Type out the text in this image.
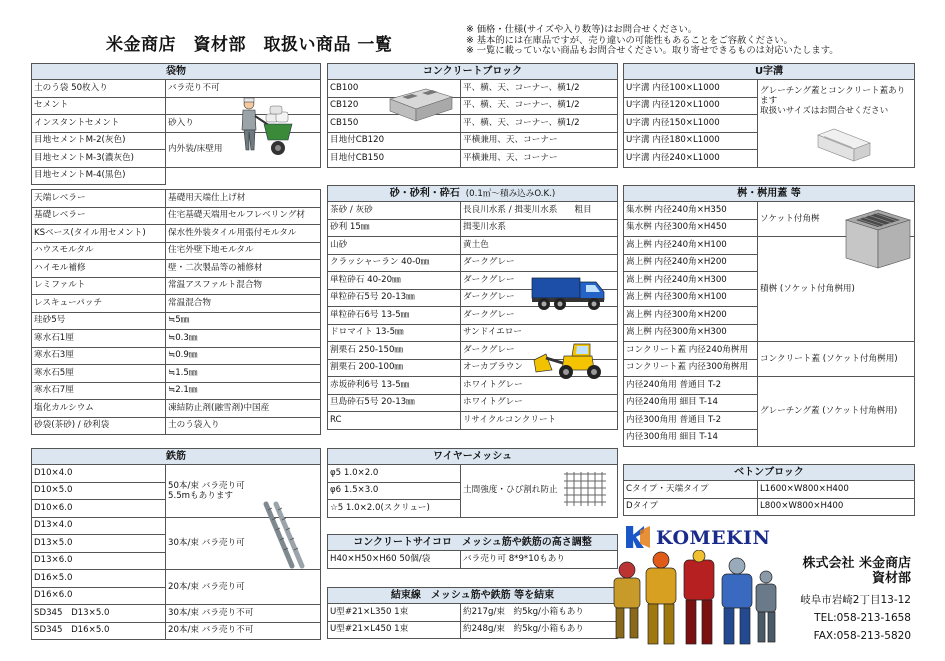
米金商店　資材部　取扱い商品 一覧
※ 価格・仕様(サイズや入り数等)はお問合せください。
※ 基本的には在庫品ですが、売り違いの可能性もあることをご容赦ください。
※ 一覧に載っていない商品もお問合せください。取り寄せできるものは対応いたします。
袋物	
土のう袋 50枚入り	バラ売り不可
セメント	
インスタントセメント	砂入り
目地セメントM-2(灰色)	内外装/床壁用
目地セメントM-3(濃灰色)	
目地セメントM-4(黒色)	

天端レベラー	基礎用天端仕上げ材
基礎レベラー	住宅基礎天端用セルフレベリング材
KSベース(タイル用セメント)	保水性外装タイル用張付モルタル
ハウスモルタル	住宅外壁下地モルタル
ハイモル補修	壁・二次製品等の補修材
レミファルト	常温アスファルト混合物
レスキューパッチ	常温混合物
珪砂5号	≒5㎜
寒水石1厘	≒0.3㎜
寒水石3厘	≒0.9㎜
寒水石5厘	≒1.5㎜
寒水石7厘	≒2.1㎜
塩化カルシウム	凍結防止剤(融雪剤)中国産
砂袋(茶砂) / 砂利袋	土のう袋入り
コンクリートブロック	
CB100	平、横、天、コーナー、横1/2
CB120	平、横、天、コーナー、横1/2
CB150	平、横、天、コーナー、横1/2
目地付CB120	平横兼用、天、コーナー
目地付CB150	平横兼用、天、コーナー
U字溝
U字溝 内径100×L1000	グレーチング蓋とコンクリート蓋あります
取扱いサイズはお問合せください
U字溝 内径120×L1000
U字溝 内径150×L1000
U字溝 内径180×L1000
U字溝 内径240×L1000
砂・砂利・砕石 (0.1㎥～積み込みO.K.)	
茶砂 / 灰砂	長良川水系 / 揖斐川水系　　粗目
砂利 15㎜	揖斐川水系
山砂	黄土色
クラッシャーラン 40-0㎜	ダークグレー
単粒砕石 40-20㎜	ダークグレー
単粒砕石5号 20-13㎜	ダークグレー
単粒砕石6号 13-5㎜	ダークグレー
ドロマイト 13-5㎜	サンドイエロー
割栗石 250-150㎜	ダークグレー
割栗石 200-100㎜	オーカブラウン
赤坂砕利6号 13-5㎜	ホワイトグレー
旦島砕石5号 20-13㎜	ホワイトグレー
RC	リサイクルコンクリート
桝・桝用蓋 等	
集水桝 内径240角×H350	ソケット付角桝
集水桝 内径300角×H450	
嵩上桝 内径240角×H100	積桝 (ソケット付角桝用)
嵩上桝 内径240角×H200	
嵩上桝 内径240角×H300	
嵩上桝 内径300角×H100	
嵩上桝 内径300角×H200	
嵩上桝 内径300角×H300	
コンクリート蓋 内径240角桝用	コンクリート蓋 (ソケット付角桝用)
コンクリート蓋 内径300角桝用	
内径240角用 普通目 T-2	グレーチング蓋 (ソケット付角桝用)
内径240角用 細目 T-14	
内径300角用 普通目 T-2	
内径300角用 細目 T-14	
鉄筋	
D10×4.0	50本/束 バラ売り可
5.5mもあります
D10×5.0	
D10×6.0	
D13×4.0	30本/束 バラ売り可
D13×5.0	
D13×6.0	
D16×5.0	20本/束 バラ売り可
D16×6.0	
SD345　D13×5.0	30本/束 バラ売り不可
SD345　D16×5.0	20本/束 バラ売り不可
ワイヤーメッシュ
φ5 1.0×2.0	土間強度・ひび割れ防止
φ6 1.5×3.0
☆5 1.0×2.0(スクリュー)
コンクリートサイコロ　メッシュ筋や鉄筋の高さ調整
H40×H50×H60 50個/袋	バラ売り可 8*9*10もあり
結束線　メッシュ筋や鉄筋 等を結束	
U型#21×L350 1束	約217g/束　約5kg/小箱もあり
U型#21×L450 1束	約248g/束　約5kg/小箱もあり
ベトンブロック	
Cタイプ・天端タイプ	L1600×W800×H400
Dタイプ	L800×W800×H400
KOMEKIN
株式会社 米金商店
資材部
岐阜市岩崎2丁目13-12
TEL:058-213-1658
FAX:058-213-5820
